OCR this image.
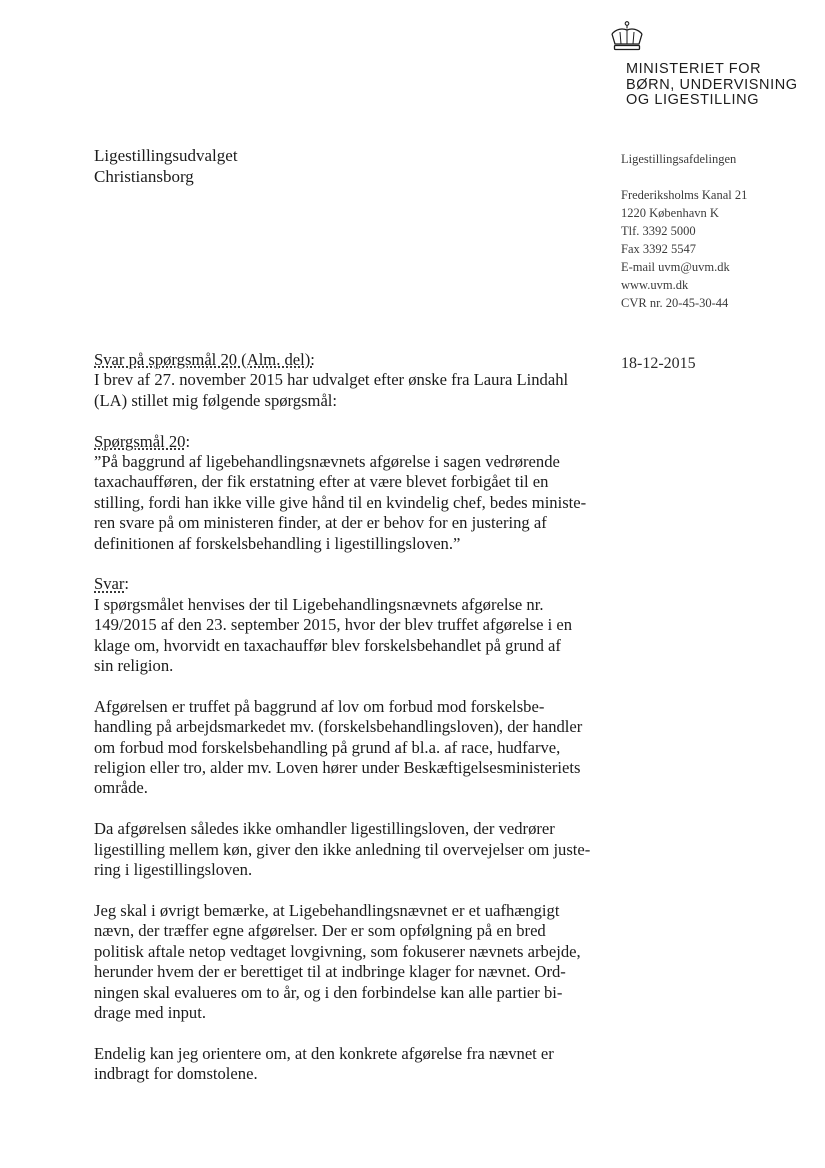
MINISTERIET FOR
BØRN, UNDERVISNING
OG LIGESTILLING
Ligestillingsudvalget
Christiansborg
Ligestillingsafdelingen
Frederiksholms Kanal 21
1220 København K
Tlf. 3392 5000
Fax 3392 5547
E-mail uvm@uvm.dk
www.uvm.dk
CVR nr. 20-45-30-44
18-12-2015
Svar på spørgsmål 20 (Alm. del):
I brev af 27. november 2015 har udvalget efter ønske fra Laura Lindahl
(LA) stillet mig følgende spørgsmål:
Spørgsmål 20:
”På baggrund af ligebehandlingsnævnets afgørelse i sagen vedrørende
taxachaufføren, der fik erstatning efter at være blevet forbigået til en
stilling, fordi han ikke ville give hånd til en kvindelig chef, bedes ministe-
ren svare på om ministeren finder, at der er behov for en justering af
definitionen af forskelsbehandling i ligestillingsloven.”
Svar:
I spørgsmålet henvises der til Ligebehandlingsnævnets afgørelse nr.
149/2015 af den 23. september 2015, hvor der blev truffet afgørelse i en
klage om, hvorvidt en taxachauffør blev forskelsbehandlet på grund af
sin religion.
Afgørelsen er truffet på baggrund af lov om forbud mod forskelsbe-
handling på arbejdsmarkedet mv. (forskelsbehandlingsloven), der handler
om forbud mod forskelsbehandling på grund af bl.a. af race, hudfarve,
religion eller tro, alder mv. Loven hører under Beskæftigelsesministeriets
område.
Da afgørelsen således ikke omhandler ligestillingsloven, der vedrører
ligestilling mellem køn, giver den ikke anledning til overvejelser om juste-
ring i ligestillingsloven.
Jeg skal i øvrigt bemærke, at Ligebehandlingsnævnet er et uafhængigt
nævn, der træffer egne afgørelser. Der er som opfølgning på en bred
politisk aftale netop vedtaget lovgivning, som fokuserer nævnets arbejde,
herunder hvem der er berettiget til at indbringe klager for nævnet. Ord-
ningen skal evalueres om to år, og i den forbindelse kan alle partier bi-
drage med input.
Endelig kan jeg orientere om, at den konkrete afgørelse fra nævnet er
indbragt for domstolene.
